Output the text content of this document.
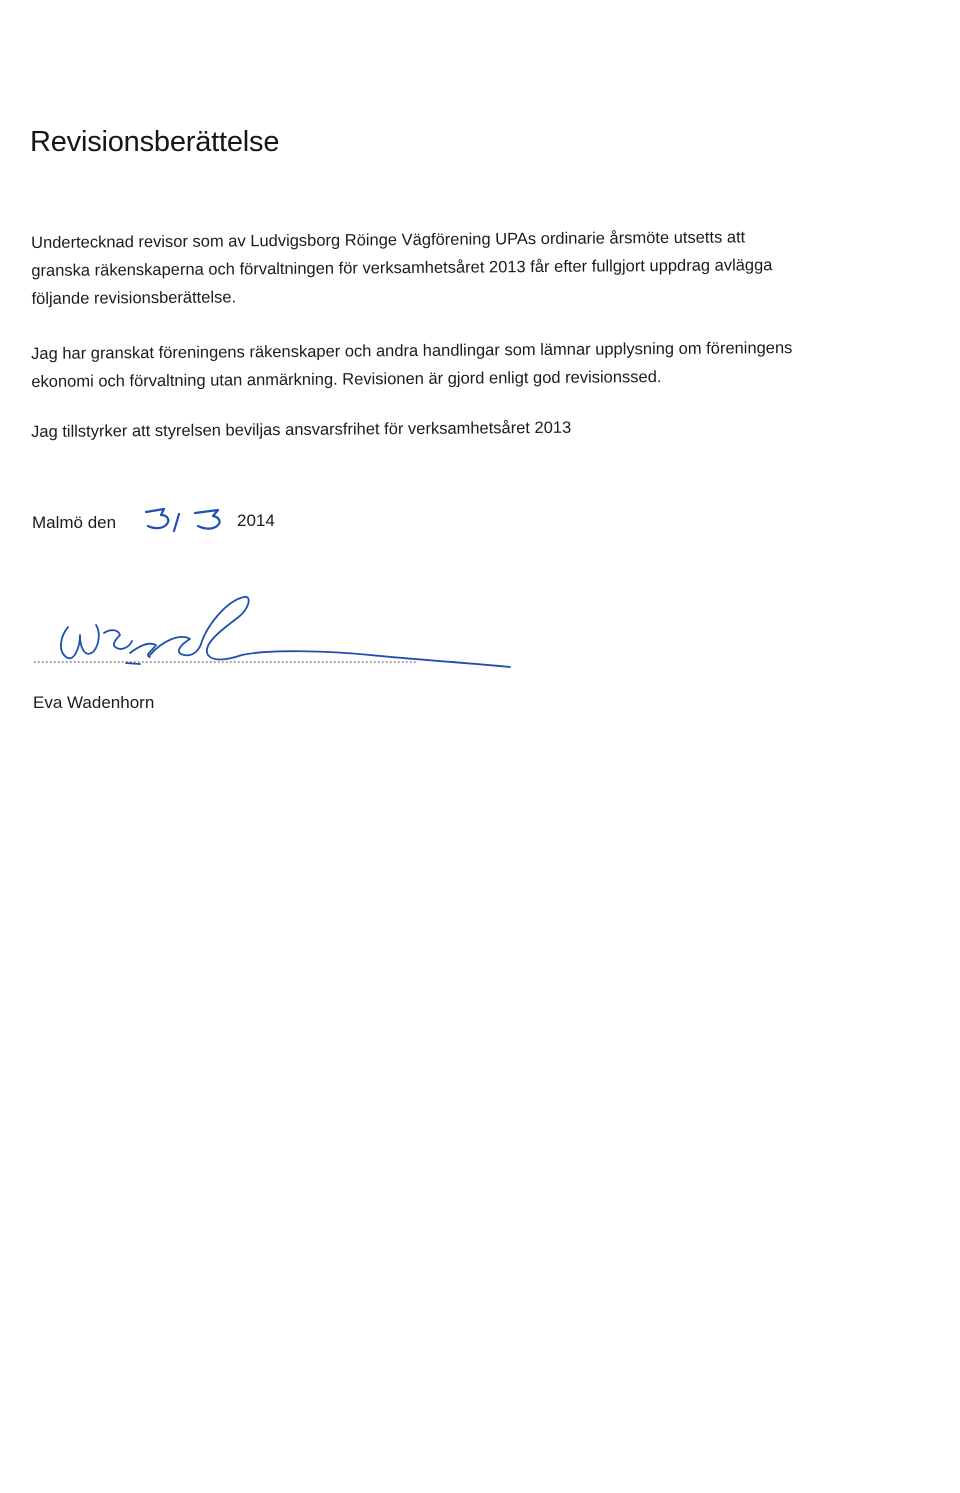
Revisionsberättelse

Undertecknad revisor som av Ludvigsborg Röinge Vägförening UPAs ordinarie årsmöte utsetts att
granska räkenskaperna och förvaltningen för verksamhetsåret 2013 får efter fullgjort uppdrag avlägga
följande revisionsberättelse.

Jag har granskat föreningens räkenskaper och andra handlingar som lämnar upplysning om föreningens
ekonomi och förvaltning utan anmärkning. Revisionen är gjord enligt god revisionssed.

Jag tillstyrker att styrelsen beviljas ansvarsfrihet för verksamhetsåret 2013

Malmö den	2014
Eva Wadenhorn
